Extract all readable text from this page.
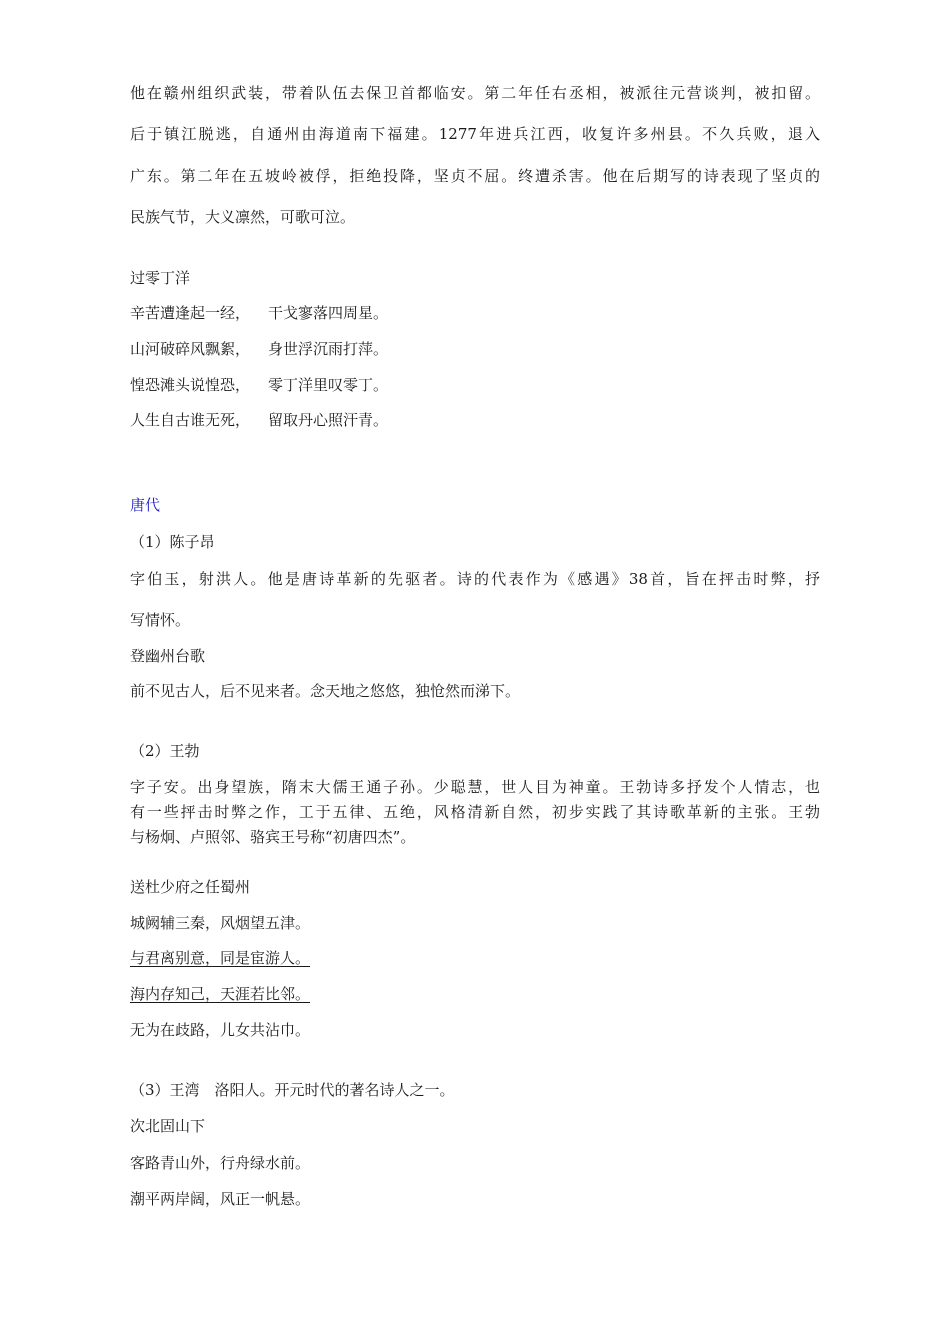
他在赣州组织武装，带着队伍去保卫首都临安。第二年任右丞相，被派往元营谈判，被扣留。
后于镇江脱逃，自通州由海道南下福建。1277年进兵江西，收复许多州县。不久兵败，退入
广东。第二年在五坡岭被俘，拒绝投降，坚贞不屈。终遭杀害。他在后期写的诗表现了坚贞的
民族气节，大义凛然，可歌可泣。
过零丁洋
辛苦遭逢起一经， 干戈寥落四周星。
山河破碎风飘絮， 身世浮沉雨打萍。
惶恐滩头说惶恐， 零丁洋里叹零丁。
人生自古谁无死， 留取丹心照汗青。
唐代
（1）陈子昂
字伯玉，射洪人。他是唐诗革新的先驱者。诗的代表作为《感遇》38首，旨在抨击时弊，抒
写情怀。
登幽州台歌
前不见古人，后不见来者。念天地之悠悠，独怆然而涕下。
（2）王勃
字子安。出身望族，隋末大儒王通子孙。少聪慧，世人目为神童。王勃诗多抒发个人情志，也
有一些抨击时弊之作，工于五律、五绝，风格清新自然，初步实践了其诗歌革新的主张。王勃
与杨炯、卢照邻、骆宾王号称“初唐四杰”。
送杜少府之任蜀州
城阙辅三秦，风烟望五津。
与君离别意，同是宦游人。
海内存知己，天涯若比邻。
无为在歧路，儿女共沾巾。
（3）王湾　洛阳人。开元时代的著名诗人之一。
次北固山下
客路青山外，行舟绿水前。
潮平两岸阔，风正一帆悬。
